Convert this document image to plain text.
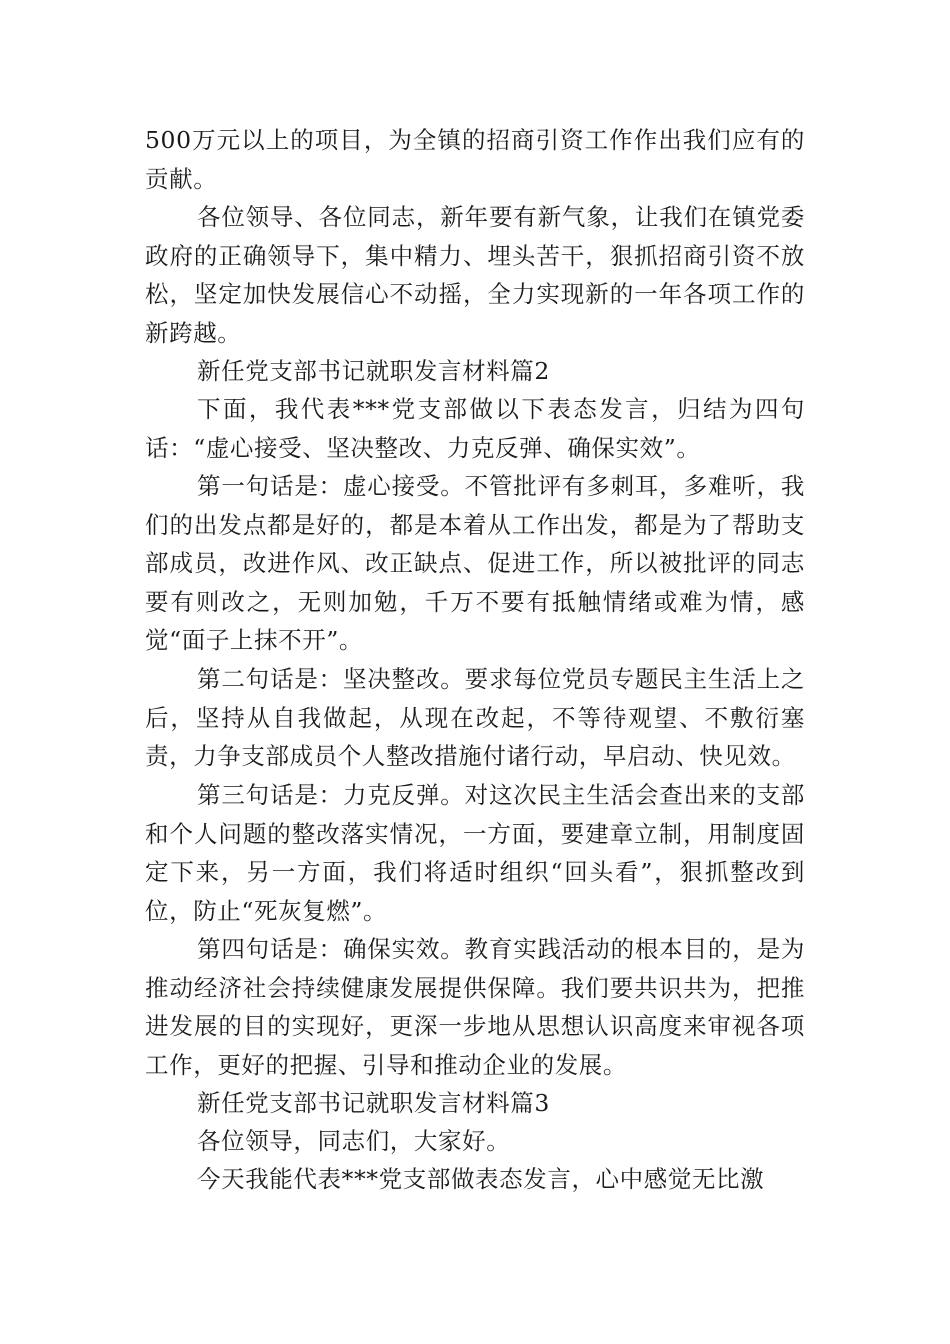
500万元以上的项目，为全镇的招商引资工作作出我们应有的贡献。

各位领导、各位同志，新年要有新气象，让我们在镇党委政府的正确领导下，集中精力、埋头苦干，狠抓招商引资不放松，坚定加快发展信心不动摇，全力实现新的一年各项工作的新跨越。

新任党支部书记就职发言材料篇2

下面，我代表***党支部做以下表态发言，归结为四句话：“虚心接受、坚决整改、力克反弹、确保实效”。

第一句话是：虚心接受。不管批评有多刺耳，多难听，我们的出发点都是好的，都是本着从工作出发，都是为了帮助支部成员，改进作风、改正缺点、促进工作，所以被批评的同志要有则改之，无则加勉，千万不要有抵触情绪或难为情，感觉“面子上抹不开”。

第二句话是：坚决整改。要求每位党员专题民主生活上之后，坚持从自我做起，从现在改起，不等待观望、不敷衍塞责，力争支部成员个人整改措施付诸行动，早启动、快见效。

第三句话是：力克反弹。对这次民主生活会查出来的支部和个人问题的整改落实情况，一方面，要建章立制，用制度固定下来，另一方面，我们将适时组织“回头看”，狠抓整改到位，防止“死灰复燃”。

第四句话是：确保实效。教育实践活动的根本目的，是为推动经济社会持续健康发展提供保障。我们要共识共为，把推进发展的目的实现好，更深一步地从思想认识高度来审视各项工作，更好的把握、引导和推动企业的发展。

新任党支部书记就职发言材料篇3

各位领导，同志们，大家好。

今天我能代表***党支部做表态发言，心中感觉无比激
